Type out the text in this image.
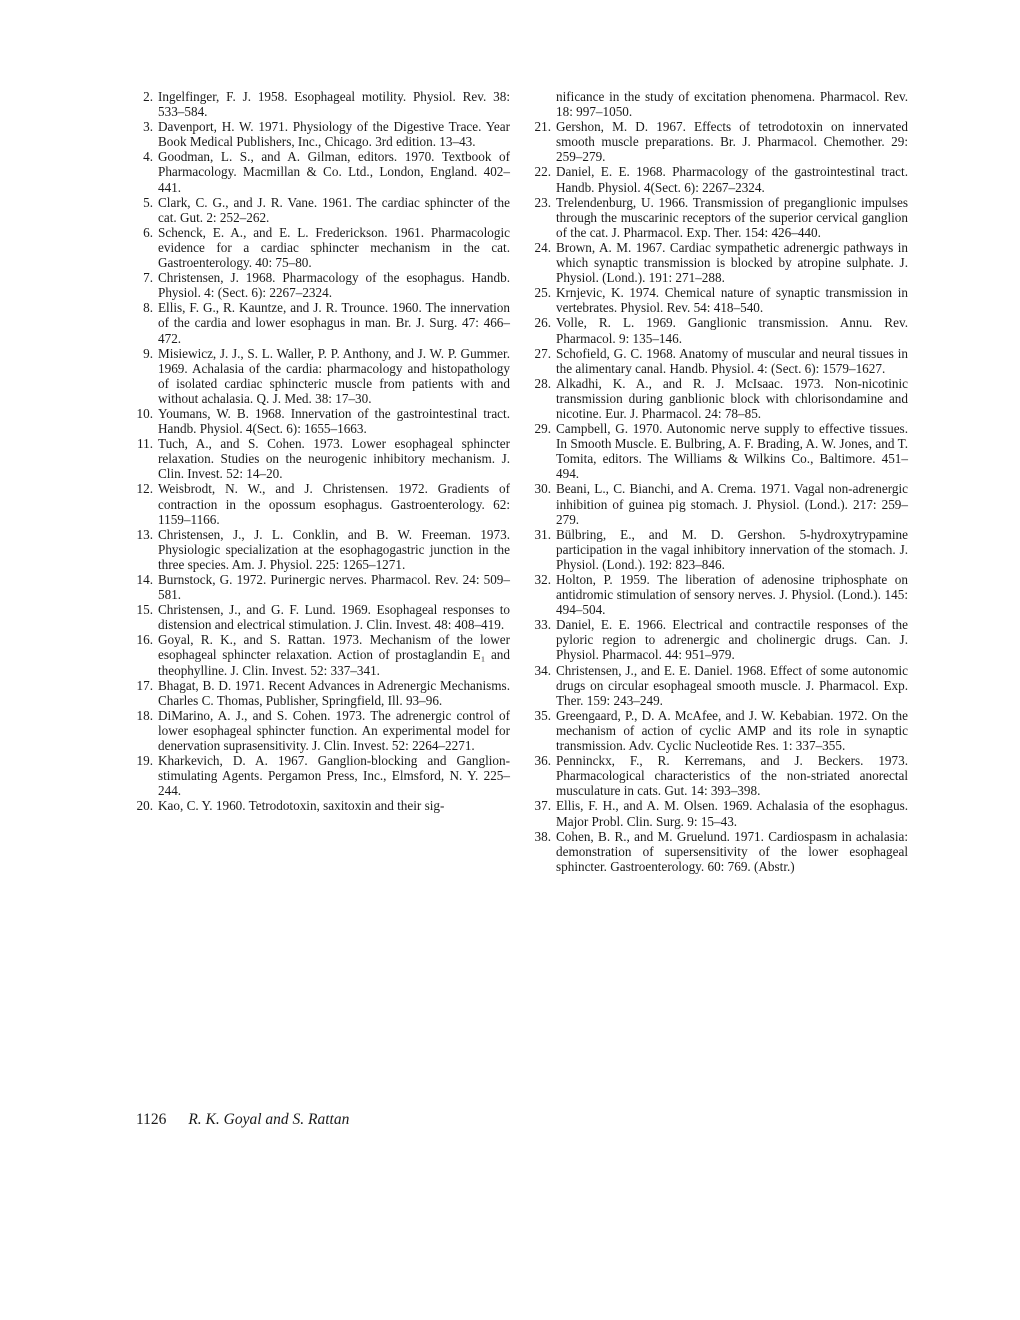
2. Ingelfinger, F. J. 1958. Esophageal motility. Physiol. Rev. 38: 533–584.
3. Davenport, H. W. 1971. Physiology of the Digestive Trace. Year Book Medical Publishers, Inc., Chicago. 3rd edition. 13–43.
4. Goodman, L. S., and A. Gilman, editors. 1970. Textbook of Pharmacology. Macmillan & Co. Ltd., London, England. 402–441.
5. Clark, C. G., and J. R. Vane. 1961. The cardiac sphincter of the cat. Gut. 2: 252–262.
6. Schenck, E. A., and E. L. Frederickson. 1961. Pharmacologic evidence for a cardiac sphincter mechanism in the cat. Gastroenterology. 40: 75–80.
7. Christensen, J. 1968. Pharmacology of the esophagus. Handb. Physiol. 4: (Sect. 6): 2267–2324.
8. Ellis, F. G., R. Kauntze, and J. R. Trounce. 1960. The innervation of the cardia and lower esophagus in man. Br. J. Surg. 47: 466–472.
9. Misiewicz, J. J., S. L. Waller, P. P. Anthony, and J. W. P. Gummer. 1969. Achalasia of the cardia: pharmacology and histopathology of isolated cardiac sphincteric muscle from patients with and without achalasia. Q. J. Med. 38: 17–30.
10. Youmans, W. B. 1968. Innervation of the gastrointestinal tract. Handb. Physiol. 4(Sect. 6): 1655–1663.
11. Tuch, A., and S. Cohen. 1973. Lower esophageal sphincter relaxation. Studies on the neurogenic inhibitory mechanism. J. Clin. Invest. 52: 14–20.
12. Weisbrodt, N. W., and J. Christensen. 1972. Gradients of contraction in the opossum esophagus. Gastroenterology. 62: 1159–1166.
13. Christensen, J., J. L. Conklin, and B. W. Freeman. 1973. Physiologic specialization at the esophagogastric junction in the three species. Am. J. Physiol. 225: 1265–1271.
14. Burnstock, G. 1972. Purinergic nerves. Pharmacol. Rev. 24: 509–581.
15. Christensen, J., and G. F. Lund. 1969. Esophageal responses to distension and electrical stimulation. J. Clin. Invest. 48: 408–419.
16. Goyal, R. K., and S. Rattan. 1973. Mechanism of the lower esophageal sphincter relaxation. Action of prostaglandin E₁ and theophylline. J. Clin. Invest. 52: 337–341.
17. Bhagat, B. D. 1971. Recent Advances in Adrenergic Mechanisms. Charles C. Thomas, Publisher, Springfield, Ill. 93–96.
18. DiMarino, A. J., and S. Cohen. 1973. The adrenergic control of lower esophageal sphincter function. An experimental model for denervation suprasensitivity. J. Clin. Invest. 52: 2264–2271.
19. Kharkevich, D. A. 1967. Ganglion-blocking and Ganglion-stimulating Agents. Pergamon Press, Inc., Elmsford, N. Y. 225–244.
20. Kao, C. Y. 1960. Tetrodotoxin, saxitoxin and their sig-
nificance in the study of excitation phenomena. Pharmacol. Rev. 18: 997–1050.
21. Gershon, M. D. 1967. Effects of tetrodotoxin on innervated smooth muscle preparations. Br. J. Pharmacol. Chemother. 29: 259–279.
22. Daniel, E. E. 1968. Pharmacology of the gastrointestinal tract. Handb. Physiol. 4(Sect. 6): 2267–2324.
23. Trelendenburg, U. 1966. Transmission of preganglionic impulses through the muscarinic receptors of the superior cervical ganglion of the cat. J. Pharmacol. Exp. Ther. 154: 426–440.
24. Brown, A. M. 1967. Cardiac sympathetic adrenergic pathways in which synaptic transmission is blocked by atropine sulphate. J. Physiol. (Lond.). 191: 271–288.
25. Krnjevic, K. 1974. Chemical nature of synaptic transmission in vertebrates. Physiol. Rev. 54: 418–540.
26. Volle, R. L. 1969. Ganglionic transmission. Annu. Rev. Pharmacol. 9: 135–146.
27. Schofield, G. C. 1968. Anatomy of muscular and neural tissues in the alimentary canal. Handb. Physiol. 4: (Sect. 6): 1579–1627.
28. Alkadhi, K. A., and R. J. McIsaac. 1973. Non-nicotinic transmission during ganblionic block with chlorisondamine and nicotine. Eur. J. Pharmacol. 24: 78–85.
29. Campbell, G. 1970. Autonomic nerve supply to effective tissues. In Smooth Muscle. E. Bulbring, A. F. Brading, A. W. Jones, and T. Tomita, editors. The Williams & Wilkins Co., Baltimore. 451–494.
30. Beani, L., C. Bianchi, and A. Crema. 1971. Vagal non-adrenergic inhibition of guinea pig stomach. J. Physiol. (Lond.). 217: 259–279.
31. Bülbring, E., and M. D. Gershon. 5-hydroxytrypamine participation in the vagal inhibitory innervation of the stomach. J. Physiol. (Lond.). 192: 823–846.
32. Holton, P. 1959. The liberation of adenosine triphosphate on antidromic stimulation of sensory nerves. J. Physiol. (Lond.). 145: 494–504.
33. Daniel, E. E. 1966. Electrical and contractile responses of the pyloric region to adrenergic and cholinergic drugs. Can. J. Physiol. Pharmacol. 44: 951–979.
34. Christensen, J., and E. E. Daniel. 1968. Effect of some autonomic drugs on circular esophageal smooth muscle. J. Pharmacol. Exp. Ther. 159: 243–249.
35. Greengaard, P., D. A. McAfee, and J. W. Kebabian. 1972. On the mechanism of action of cyclic AMP and its role in synaptic transmission. Adv. Cyclic Nucleotide Res. 1: 337–355.
36. Penninckx, F., R. Kerremans, and J. Beckers. 1973. Pharmacological characteristics of the non-striated anorectal musculature in cats. Gut. 14: 393–398.
37. Ellis, F. H., and A. M. Olsen. 1969. Achalasia of the esophagus. Major Probl. Clin. Surg. 9: 15–43.
38. Cohen, B. R., and M. Gruelund. 1971. Cardiospasm in achalasia: demonstration of supersensitivity of the lower esophageal sphincter. Gastroenterology. 60: 769. (Abstr.)
1126 R. K. Goyal and S. Rattan
